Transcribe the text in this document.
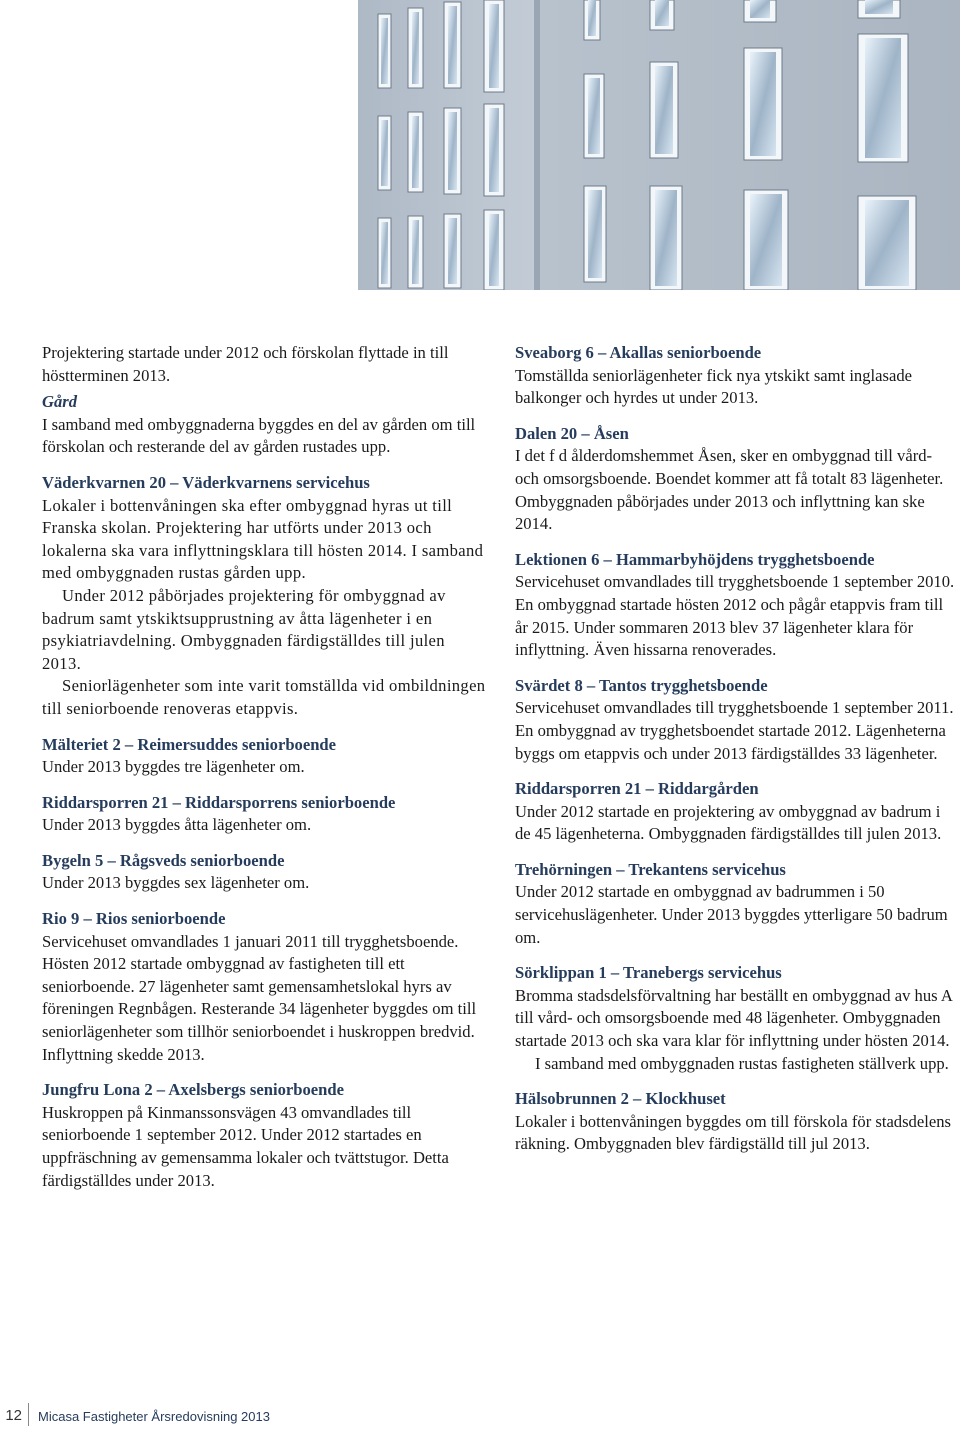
Projektering startade under 2012 och förskolan flyttade in till höstterminen 2013.

Gård

I samband med ombyggnaderna byggdes en del av gården om till förskolan och resterande del av gården rustades upp.

Väderkvarnen 20 – Väderkvarnens servicehus

Lokaler i bottenvåningen ska efter ombyggnad hyras ut till Franska skolan. Projektering har utförts under 2013 och lokalerna ska vara inflyttningsklara till hösten 2014. I samband med ombyggnaden rustas gården upp.

Under 2012 påbörjades projektering för ombyggnad av badrum samt ytskiktsupprustning av åtta lägenheter i en psykiatriavdelning. Ombyggnaden färdigställdes till julen 2013.

Seniorlägenheter som inte varit tomställda vid ombildningen till seniorboende renoveras etappvis.

Mälteriet 2 – Reimersuddes seniorboende

Under 2013 byggdes tre lägenheter om.

Riddarsporren 21 – Riddarsporrens seniorboende

Under 2013 byggdes åtta lägenheter om.

Bygeln 5 – Rågsveds seniorboende

Under 2013 byggdes sex lägenheter om.

Rio 9 – Rios seniorboende

Servicehuset omvandlades 1 januari 2011 till trygghetsboende. Hösten 2012 startade ombyggnad av fastigheten till ett seniorboende. 27 lägenheter samt gemensamhetslokal hyrs av föreningen Regnbågen. Resterande 34 lägenheter byggdes om till seniorlägenheter som tillhör seniorboendet i huskroppen bredvid. Inflyttning skedde 2013.

Jungfru Lona 2 – Axelsbergs seniorboende

Huskroppen på Kinmanssonsvägen 43 omvandlades till seniorboende 1 september 2012. Under 2012 startades en uppfräschning av gemensamma lokaler och tvättstugor. Detta färdigställdes under 2013.

Sveaborg 6 – Akallas seniorboende

Tomställda seniorlägenheter fick nya ytskikt samt inglasade balkonger och hyrdes ut under 2013.

Dalen 20 – Åsen

I det f d ålderdomshemmet Åsen, sker en ombyggnad till vård- och omsorgsboende. Boendet kommer att få totalt 83 lägenheter. Ombyggnaden påbörjades under 2013 och inflyttning kan ske 2014.

Lektionen 6 – Hammarbyhöjdens trygghetsboende

Servicehuset omvandlades till trygghetsboende 1 september 2010. En ombyggnad startade hösten 2012 och pågår etappvis fram till år 2015. Under sommaren 2013 blev 37 lägenheter klara för inflyttning. Även hissarna renoverades.

Svärdet 8 – Tantos trygghetsboende

Servicehuset omvandlades till trygghetsboende 1 september 2011. En ombyggnad av trygghetsboendet startade 2012. Lägenheterna byggs om etappvis och under 2013 färdigställdes 33 lägenheter.

Riddarsporren 21 – Riddargården

Under 2012 startade en projektering av ombyggnad av badrum i de 45 lägenheterna. Ombyggnaden färdigställdes till julen 2013.

Trehörningen – Trekantens servicehus

Under 2012 startade en ombyggnad av badrummen i 50 servicehuslägenheter. Under 2013 byggdes ytterligare 50 badrum om.

Sörklippan 1 – Tranebergs servicehus

Bromma stadsdelsförvaltning har beställt en ombyggnad av hus A till vård- och omsorgsboende med 48 lägenheter. Ombyggnaden startade 2013 och ska vara klar för inflyttning under hösten 2014.

I samband med ombyggnaden rustas fastigheten ställverk upp.

Hälsobrunnen 2 – Klockhuset

Lokaler i bottenvåningen byggdes om till förskola för stadsdelens räkning. Ombyggnaden blev färdigställd till jul 2013.

12 Micasa Fastigheter Årsredovisning 2013
